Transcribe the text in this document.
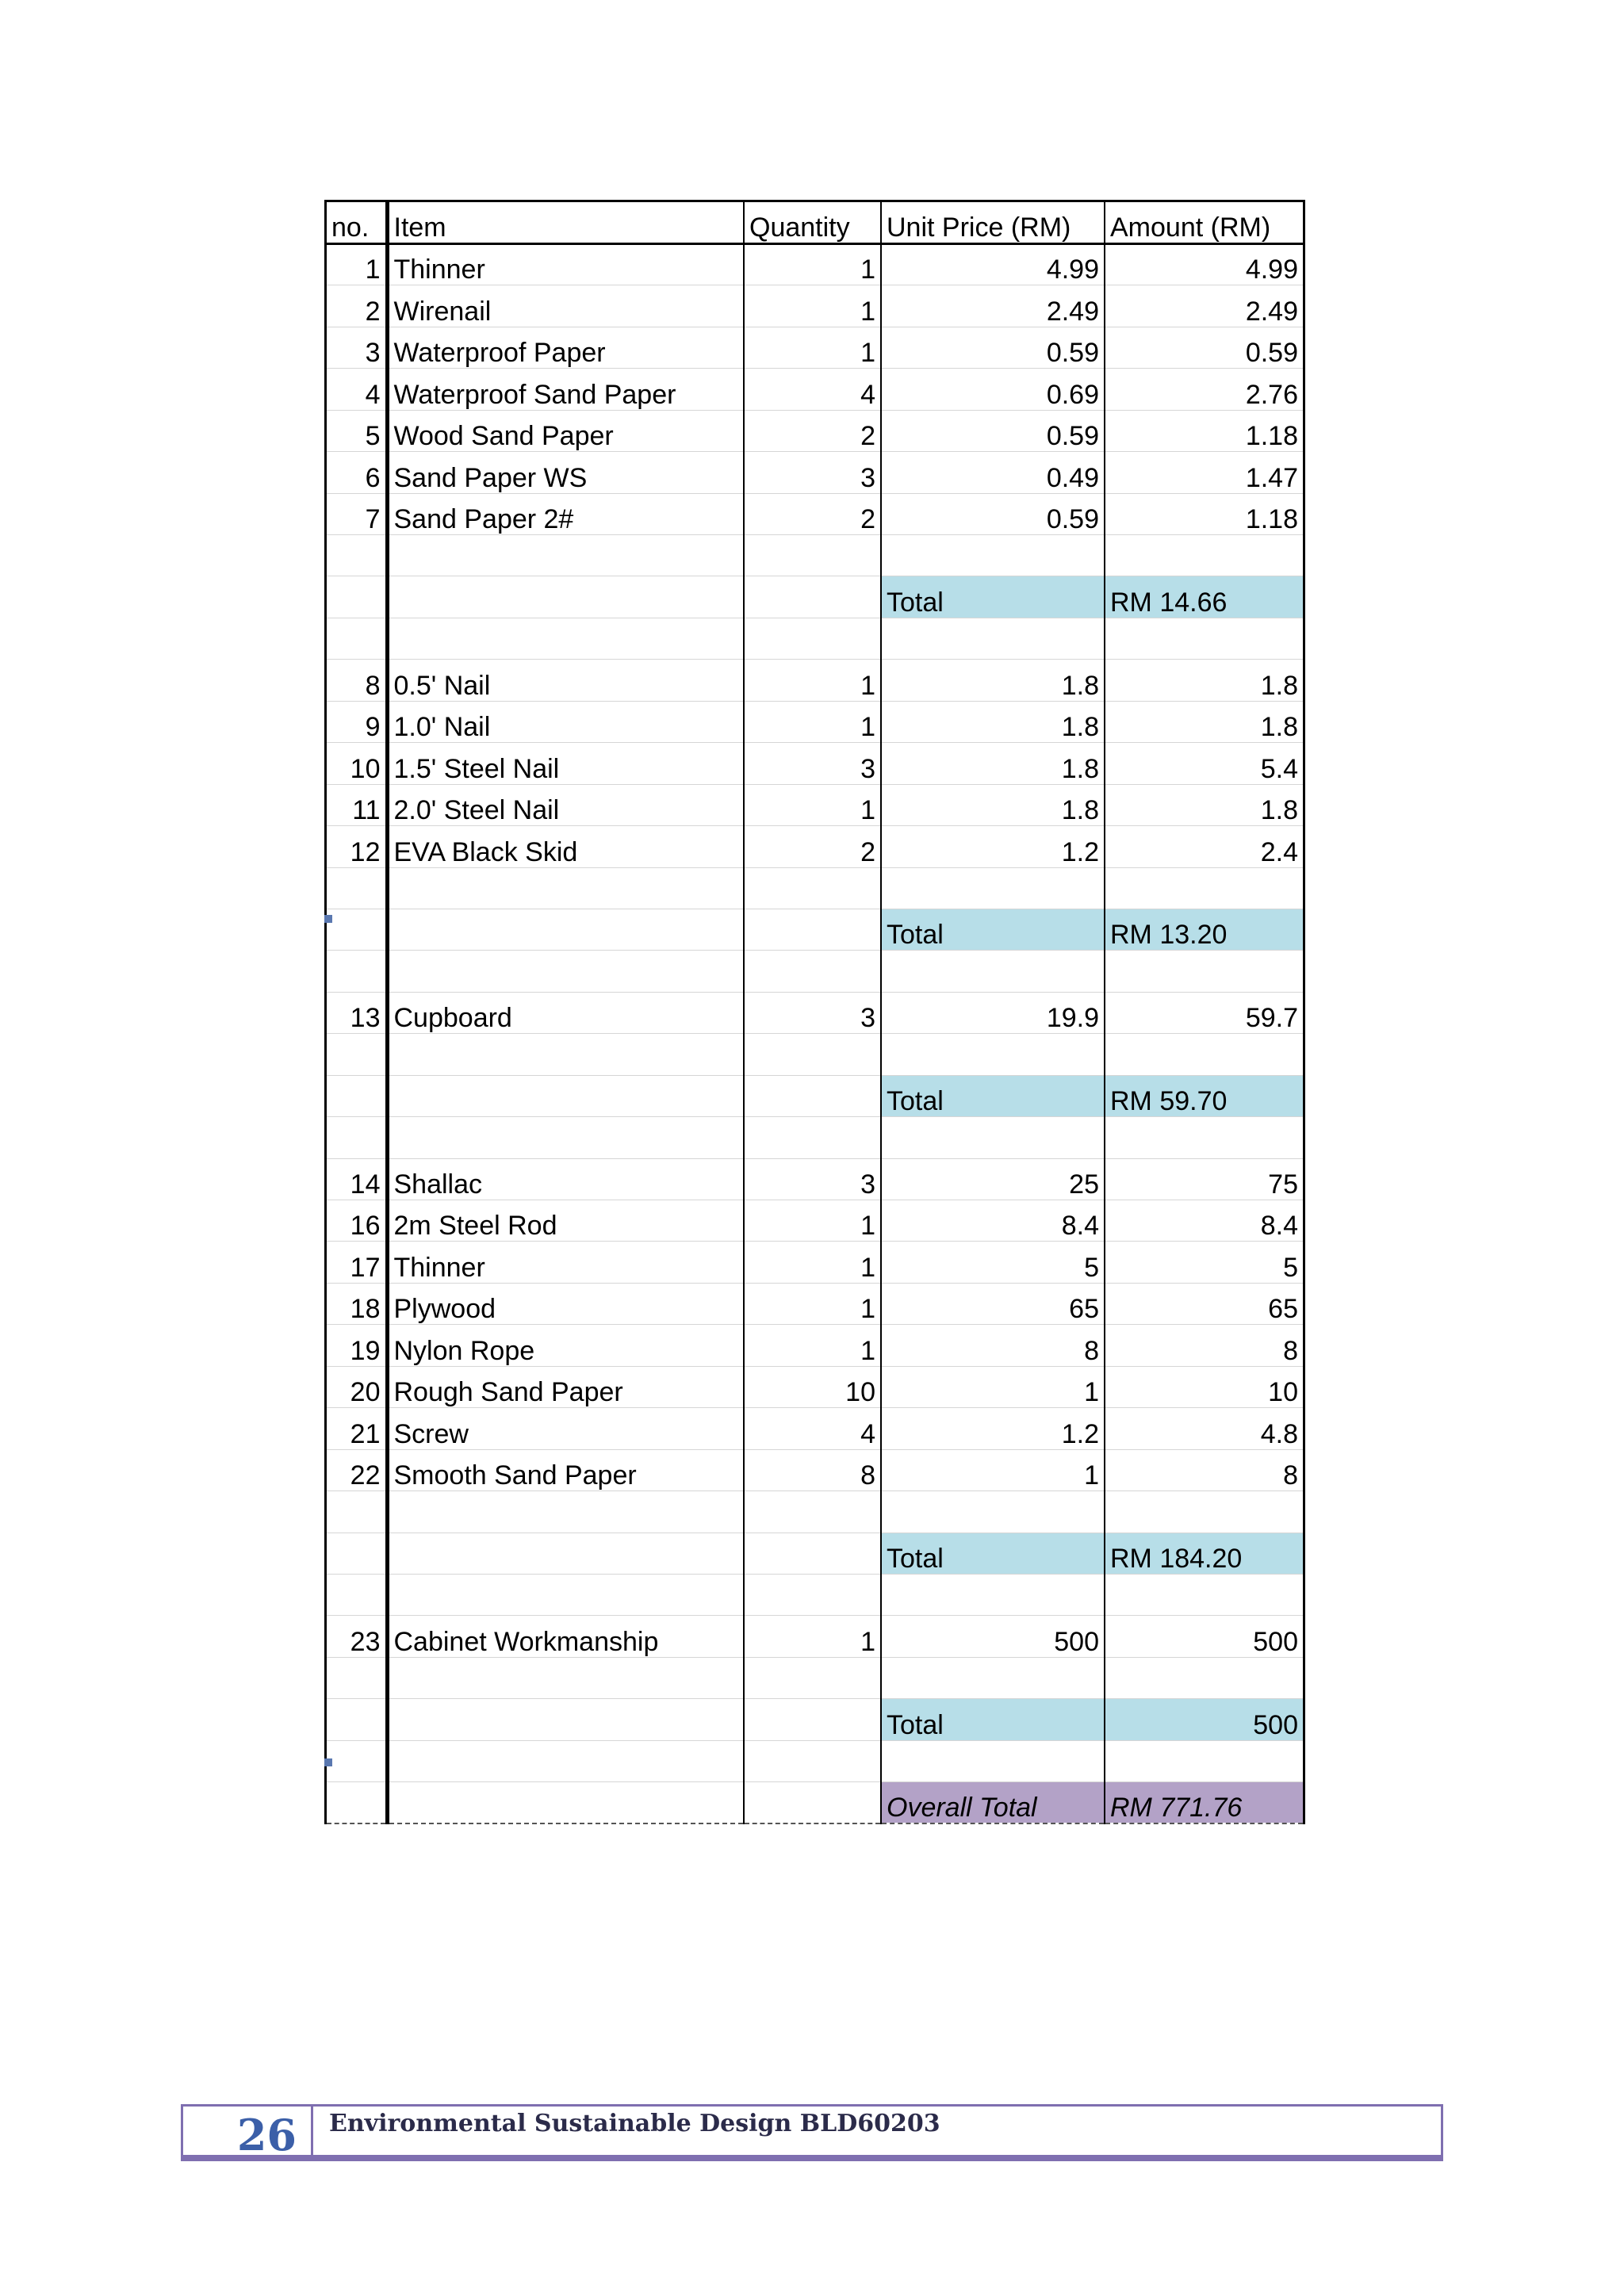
no.	Item	Quantity	Unit Price (RM)	Amount (RM)
1	Thinner	1	4.99	4.99
2	Wirenail	1	2.49	2.49
3	Waterproof Paper	1	0.59	0.59
4	Waterproof Sand Paper	4	0.69	2.76
5	Wood Sand Paper	2	0.59	1.18
6	Sand Paper WS	3	0.49	1.47
7	Sand Paper 2#	2	0.59	1.18

			Total	RM 14.66

8	0.5' Nail	1	1.8	1.8
9	1.0' Nail	1	1.8	1.8
10	1.5' Steel Nail	3	1.8	5.4
11	2.0' Steel Nail	1	1.8	1.8
12	EVA Black Skid	2	1.2	2.4

			Total	RM 13.20

13	Cupboard	3	19.9	59.7

			Total	RM 59.70

14	Shallac	3	25	75
16	2m Steel Rod	1	8.4	8.4
17	Thinner	1	5	5
18	Plywood	1	65	65
19	Nylon Rope	1	8	8
20	Rough Sand Paper	10	1	10
21	Screw	4	1.2	4.8
22	Smooth Sand Paper	8	1	8

			Total	RM 184.20

23	Cabinet Workmanship	1	500	500

			Total	500

			Overall Total	RM 771.76
26	Environmental Sustainable Design BLD60203
